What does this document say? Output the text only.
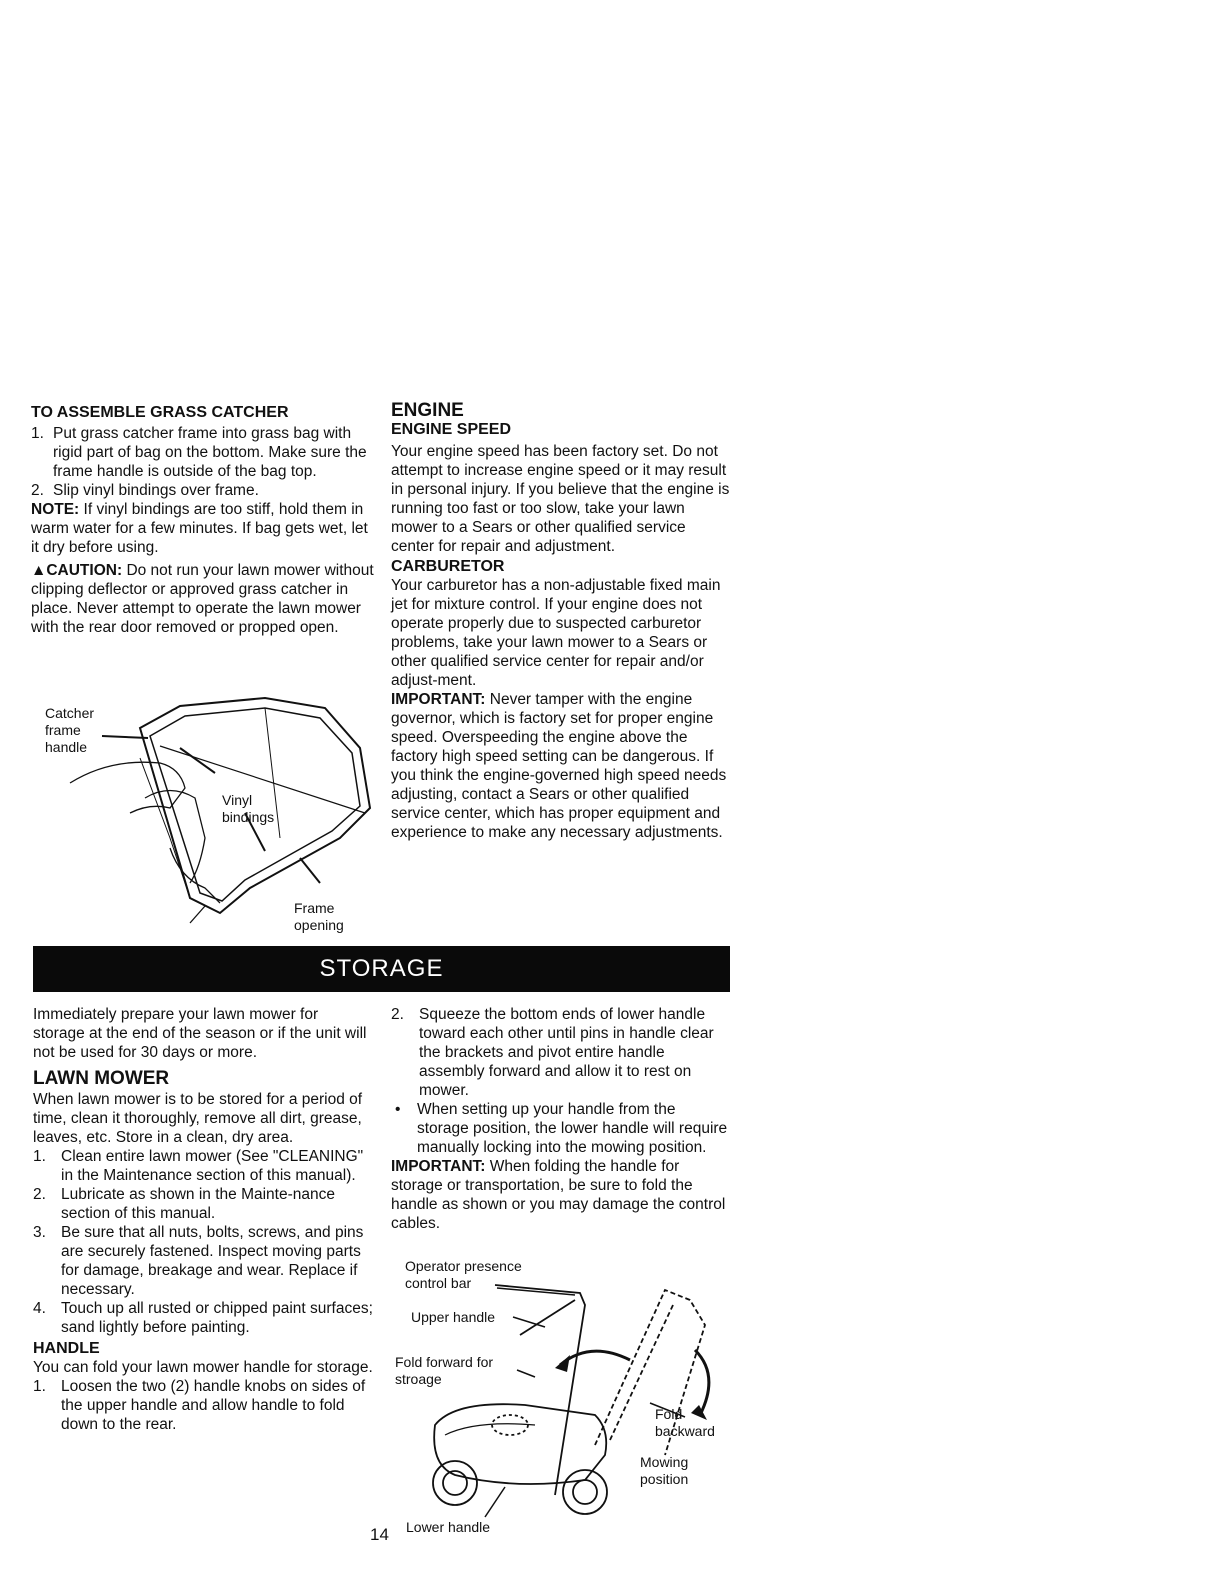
TO ASSEMBLE GRASS CATCHER
1. Put grass catcher frame into grass bag with rigid part of bag on the bottom. Make sure the frame handle is outside of the bag top.
2. Slip vinyl bindings over frame.

NOTE: If vinyl bindings are too stiff, hold them in warm water for a few minutes. If bag gets wet, let it dry before using.

▲CAUTION: Do not run your lawn mower without clipping deflector or approved grass catcher in place. Never attempt to operate the lawn mower with the rear door removed or propped open.

Catcher frame handle
Vinyl bindings
Frame opening
ENGINE
ENGINE SPEED

Your engine speed has been factory set. Do not attempt to increase engine speed or it may result in personal injury. If you believe that the engine is running too fast or too slow, take your lawn mower to a Sears or other qualified service center for repair and adjustment.

CARBURETOR

Your carburetor has a non-adjustable fixed main jet for mixture control. If your engine does not operate properly due to suspected carburetor problems, take your lawn mower to a Sears or other qualified service center for repair and/or adjust-ment.

IMPORTANT: Never tamper with the engine governor, which is factory set for proper engine speed. Overspeeding the engine above the factory high speed setting can be dangerous. If you think the engine-governed high speed needs adjusting, contact a Sears or other qualified service center, which has proper equipment and experience to make any necessary adjustments.

STORAGE

Immediately prepare your lawn mower for storage at the end of the season or if the unit will not be used for 30 days or more.

LAWN MOWER

When lawn mower is to be stored for a period of time, clean it thoroughly, remove all dirt, grease, leaves, etc. Store in a clean, dry area.

1. Clean entire lawn mower (See "CLEANING" in the Maintenance section of this manual).
2. Lubricate as shown in the Mainte-nance section of this manual.
3. Be sure that all nuts, bolts, screws, and pins are securely fastened. Inspect moving parts for damage, breakage and wear. Replace if necessary.
4. Touch up all rusted or chipped paint surfaces; sand lightly before painting.
HANDLE

You can fold your lawn mower handle for storage.

1. Loosen the two (2) handle knobs on sides of the upper handle and allow handle to fold down to the rear.
2. Squeeze the bottom ends of lower handle toward each other until pins in handle clear the brackets and pivot entire handle assembly forward and allow it to rest on mower.
•	When setting up your handle from the storage position, the lower handle will require manually locking into the mowing position.

IMPORTANT: When folding the handle for storage or transportation, be sure to fold the handle as shown or you may damage the control cables.

Operator presence control bar
Upper handle
Fold forward for stroage
Fold backward
Mowing position
Lower handle
14
